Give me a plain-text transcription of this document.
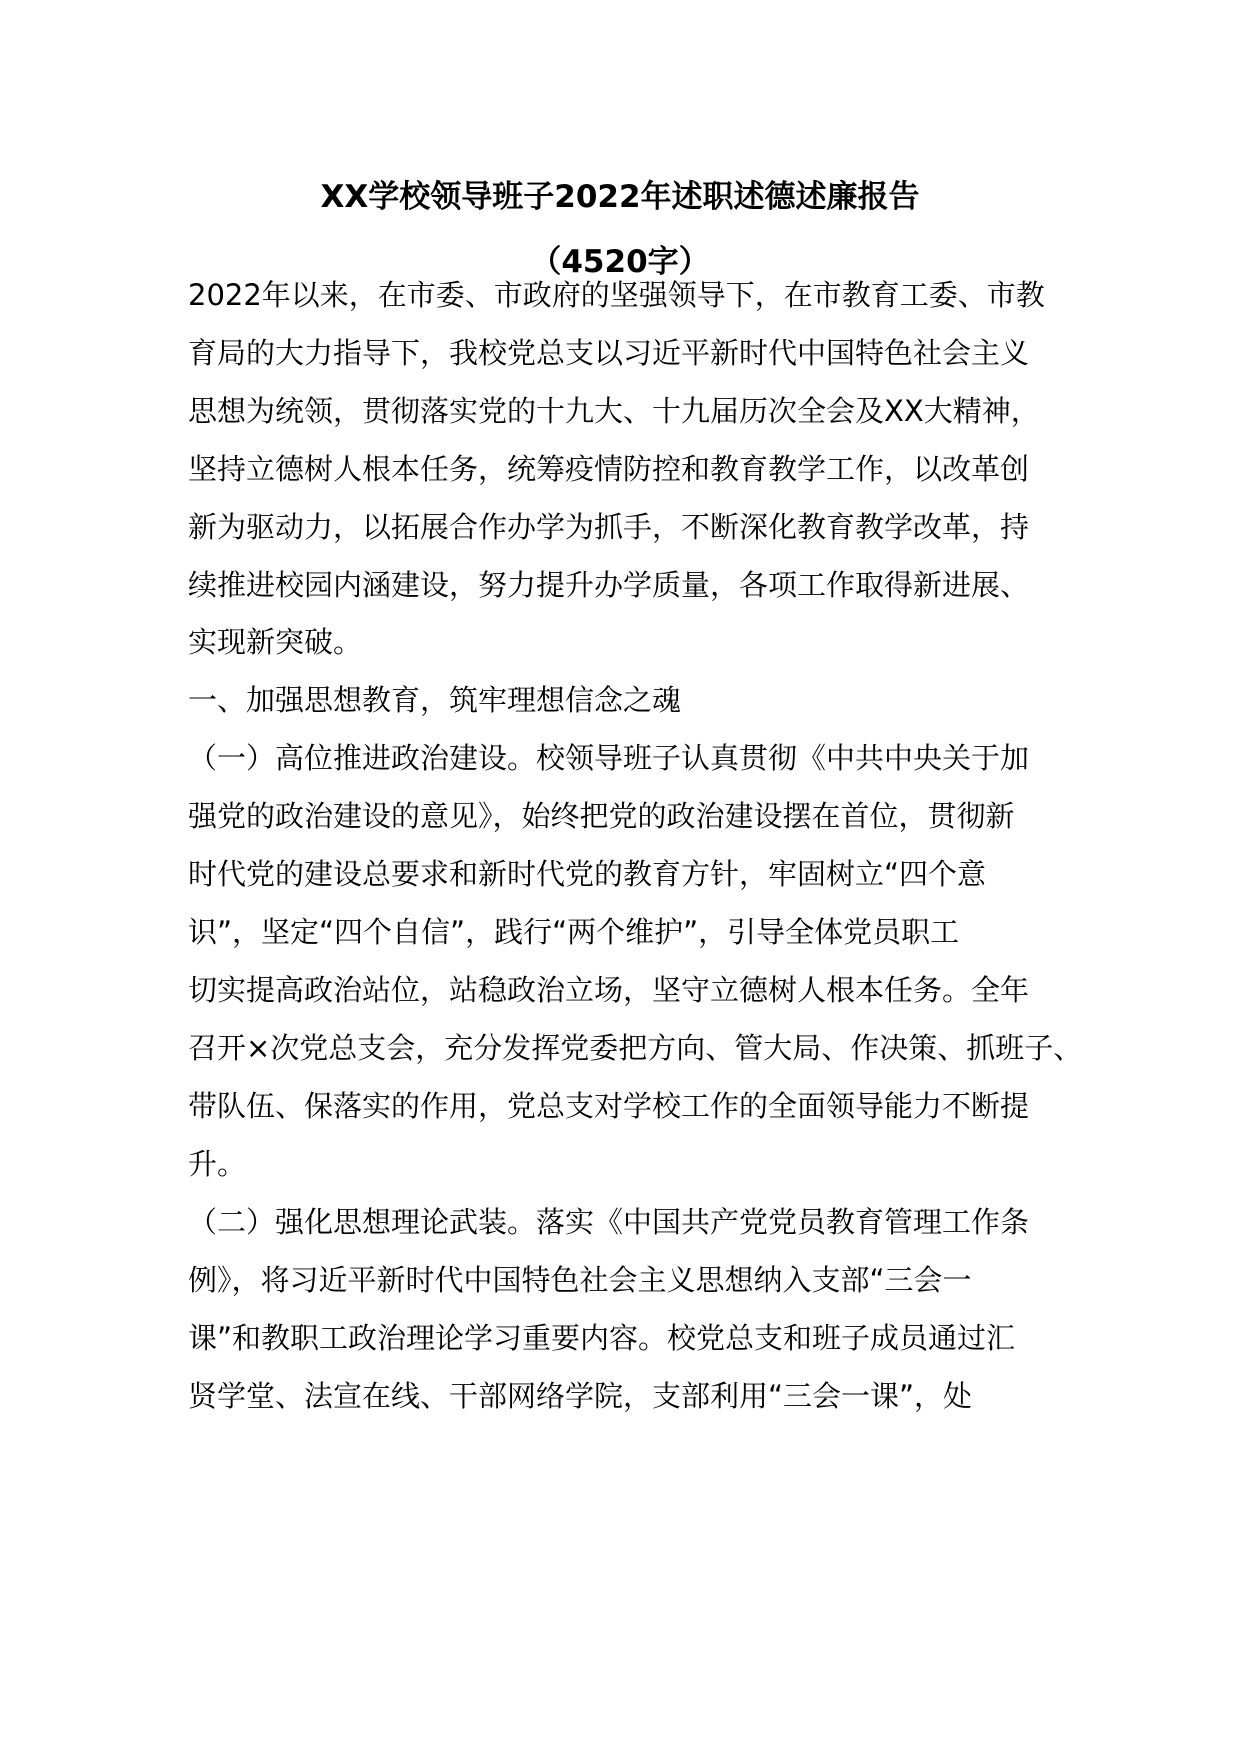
XX学校领导班子2022年述职述德述廉报告
（4520字）

2022年以来，在市委、市政府的坚强领导下，在市教育工委、市教

育局的大力指导下，我校党总支以习近平新时代中国特色社会主义

思想为统领，贯彻落实党的十九大、十九届历次全会及XX大精神，

坚持立德树人根本任务，统筹疫情防控和教育教学工作，以改革创

新为驱动力，以拓展合作办学为抓手，不断深化教育教学改革，持

续推进校园内涵建设，努力提升办学质量，各项工作取得新进展、

实现新突破。

一、加强思想教育，筑牢理想信念之魂

（一）高位推进政治建设。校领导班子认真贯彻《中共中央关于加

强党的政治建设的意见》，始终把党的政治建设摆在首位，贯彻新

时代党的建设总要求和新时代党的教育方针，牢固树立“四个意

识”，坚定“四个自信”，践行“两个维护”，引导全体党员职工

切实提高政治站位，站稳政治立场，坚守立德树人根本任务。全年

召开×次党总支会，充分发挥党委把方向、管大局、作决策、抓班子、

带队伍、保落实的作用，党总支对学校工作的全面领导能力不断提

升。

（二）强化思想理论武装。落实《中国共产党党员教育管理工作条

例》，将习近平新时代中国特色社会主义思想纳入支部“三会一

课”和教职工政治理论学习重要内容。校党总支和班子成员通过汇

贤学堂、法宣在线、干部网络学院，支部利用“三会一课”，处
